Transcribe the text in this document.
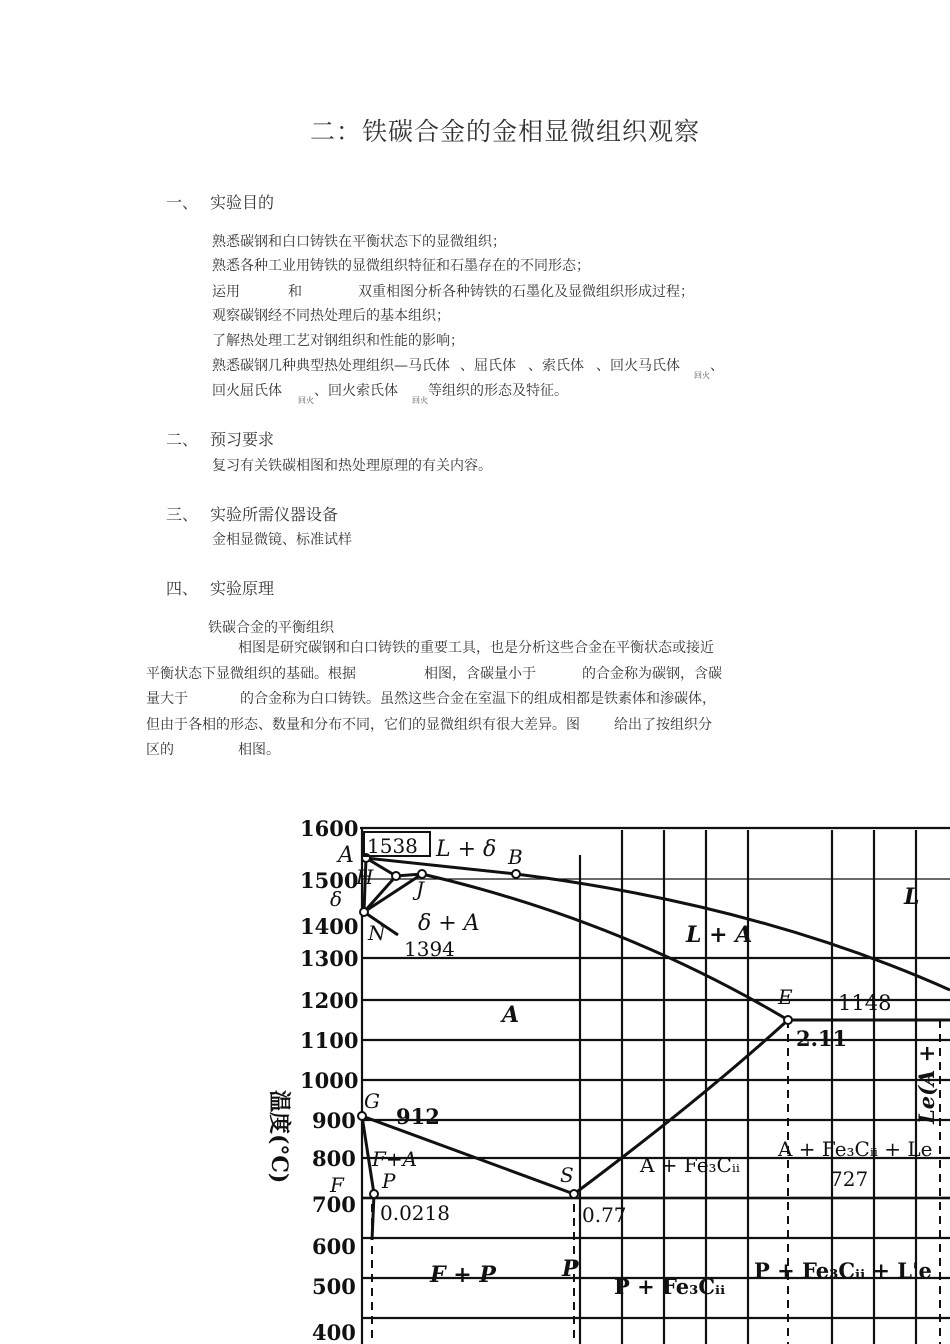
二：铁碳合金的金相显微组织观察
一、 实验目的
熟悉碳钢和白口铸铁在平衡状态下的显微组织；
熟悉各种工业用铸铁的显微组织特征和石墨存在的不同形态；
运用	和	双重相图分析各种铸铁的石墨化及显微组织形成过程；
观察碳钢经不同热处理后的基本组织；
了解热处理工艺对钢组织和性能的影响；
熟悉碳钢几种典型热处理组织—马氏体 、屈氏体 、索氏体 、回火马氏体$_{回火}$、
回火屈氏体$_{回火}$、回火索氏体$_{回火}$等组织的形态及特征。
二、 预习要求
复习有关铁碳相图和热处理原理的有关内容。
三、 实验所需仪器设备
金相显微镜、标准试样
四、 实验原理
铁碳合金的平衡组织
相图是研究碳钢和白口铸铁的重要工具，也是分析这些合金在平衡状态或接近
平衡状态下显微组织的基础。根据	相图，含碳量小于	的合金称为碳钢，含碳
量大于	的合金称为白口铸铁。虽然这些合金在室温下的组成相都是铁素体和渗碳体，
但由于各相的形态、数量和分布不同，它们的显微组织有很大差异。图 给出了按组织分
区的	相图。
1600
1500
1400
1300
1200
1100
1000
900
800
700
600
500
400
温度(°C)
A 1538 L + δ B
H J
δ
N δ + A
1394
L
L + A
E 1148
2.11
A
G
912
F+A
F P
0.0218
S
0.77
A + Fe₃Cᵢᵢ
A + Fe₃Cᵢᵢ + Le
727
F + P	P
P + Fe₃Cᵢᵢ
P + Fe₃Cᵢᵢ + L'e
Le(A +
